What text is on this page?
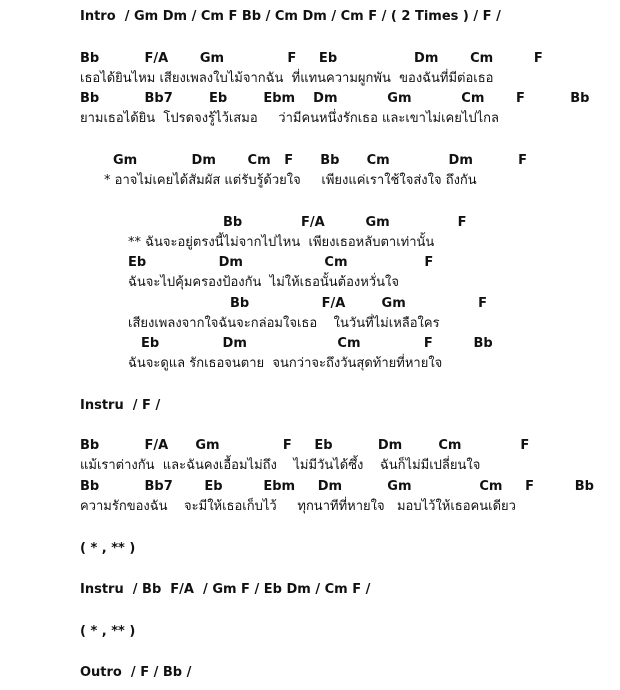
Intro  / Gm Dm / Cm F Bb / Cm Dm / Cm F / ( 2 Times ) / F /
Bb          F/A       Gm              F     Eb                 Dm       Cm         F
เธอได้ยินไหม เสียงเพลงใบไม้จากฉัน  ที่แทนความผูกพัน  ของฉันที่มีต่อเธอ
Bb          Bb7        Eb        Ebm    Dm           Gm           Cm       F          Bb
ยามเธอได้ยิน  โปรดจงรู้ไว้เสมอ     ว่ามีคนหนึ่งรักเธอ และเขาไม่เคยไปไกล
Gm            Dm       Cm   F      Bb      Cm             Dm          F
* อาจไม่เคยได้สัมผัส แต่รับรู้ด้วยใจ     เพียงแค่เราใช้ใจส่งใจ ถึงกัน
Bb             F/A         Gm               F
** ฉันจะอยู่ตรงนี้ไม่จากไปไหน  เพียงเธอหลับตาเท่านั้น
Eb                Dm                  Cm                 F
ฉันจะไปคุ้มครองป้องกัน  ไม่ให้เธอนั้นต้องหวั่นใจ
Bb                F/A        Gm                F
เสียงเพลงจากใจฉันจะกล่อมใจเธอ    ในวันที่ไม่เหลือใคร
Eb              Dm                    Cm              F         Bb
ฉันจะดูแล รักเธอจนตาย  จนกว่าจะถึงวันสุดท้ายที่หายใจ
Instru  / F /
Bb          F/A      Gm              F     Eb          Dm        Cm             F
แม้เราต่างกัน  และฉันคงเอื้อมไม่ถึง    ไม่มีวันได้ซึ้ง    ฉันก็ไม่มีเปลี่ยนใจ
Bb          Bb7       Eb         Ebm     Dm          Gm               Cm     F         Bb
ความรักของฉัน    จะมีให้เธอเก็บไว้     ทุกนาทีที่หายใจ   มอบไว้ให้เธอคนเดียว
( * , ** )
Instru  / Bb  F/A  / Gm F / Eb Dm / Cm F /
( * , ** )
Outro  / F / Bb /
